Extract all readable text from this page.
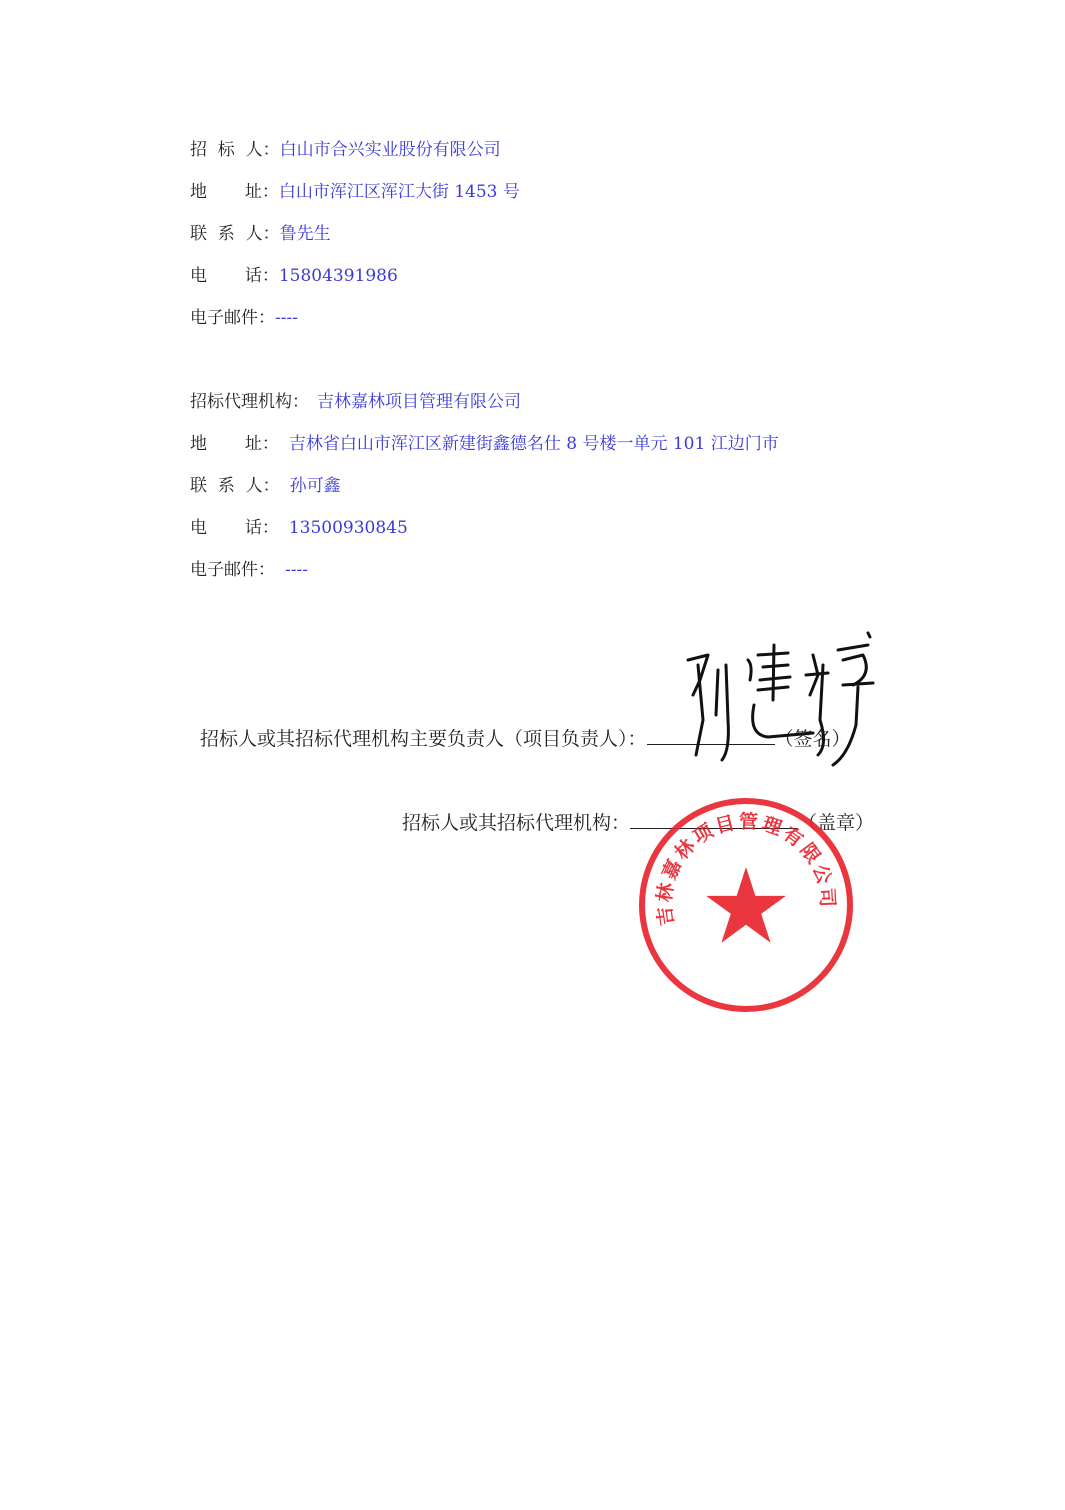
招  标  人：白山市合兴实业股份有限公司
地       址：白山市浑江区浑江大街 1453 号
联  系  人：鲁先生
电       话：15804391986
电子邮件：----
招标代理机构： 吉林嘉林项目管理有限公司
地       址： 吉林省白山市浑江区新建街鑫德名仕 8 号楼一单元 101 江边门市
联  系  人： 孙可鑫
电       话： 13500930845
电子邮件： ----
招标人或其招标代理机构主要负责人（项目负责人）：	（签名）
招标人或其招标代理机构：	（盖章）
吉林嘉林项目管理有限公司
